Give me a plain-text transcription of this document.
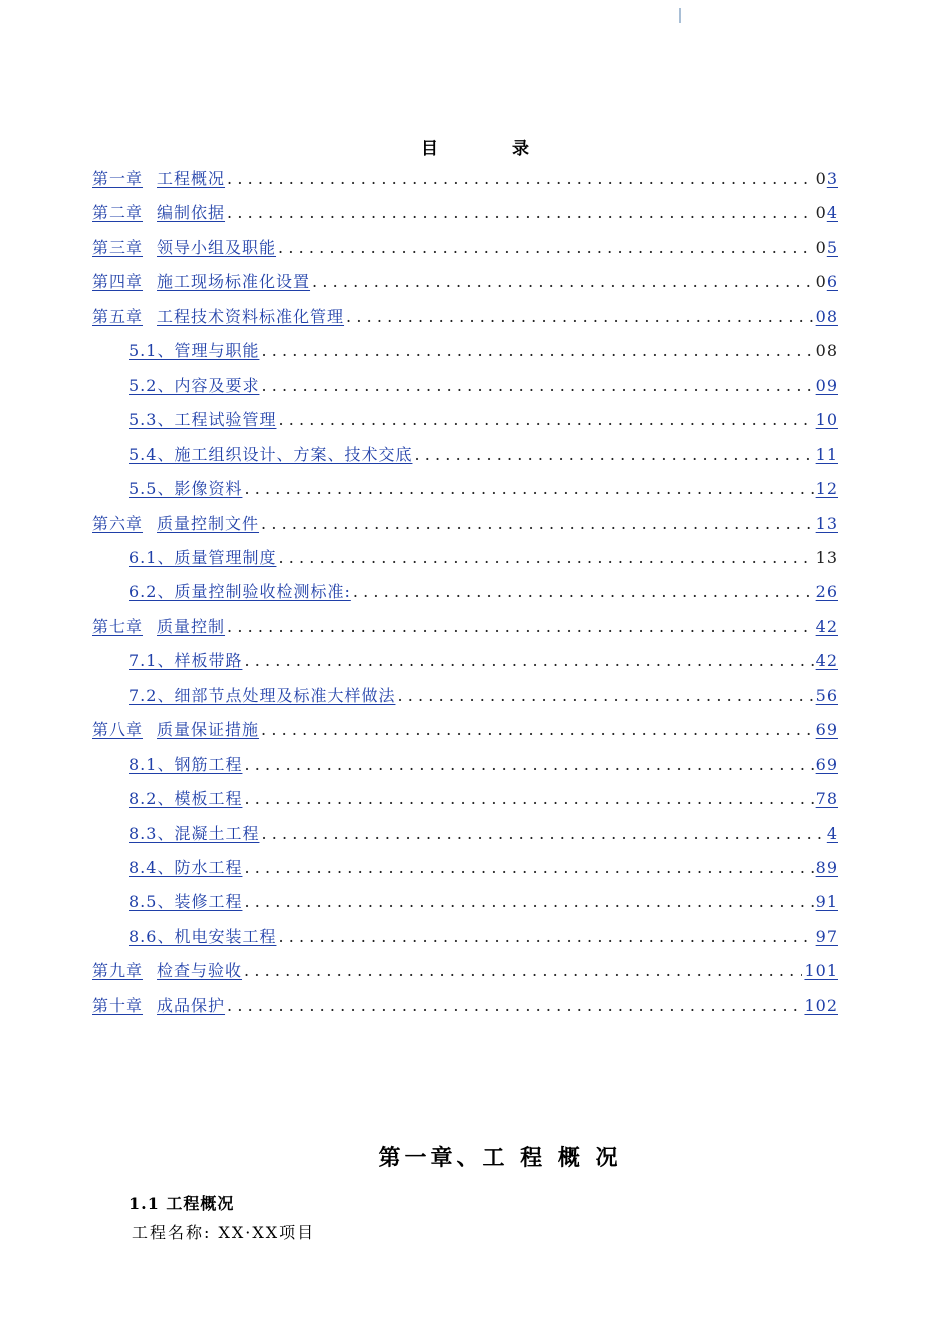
目 录
第一章 工程概况 .....	03
第二章 编制依据 .....	04
第三章 领导小组及职能 .....	05
第四章 施工现场标准化设置 .....	06
第五章 工程技术资料标准化管理 .....	08
5.1、管理与职能 .....	08
5.2、内容及要求 .....	09
5.3、工程试验管理 .....	10
5.4、施工组织设计、方案、技术交底 .....	11
5.5、影像资料 .....	12
第六章 质量控制文件 .....	13
6.1、质量管理制度 .....	13
6.2、质量控制验收检测标准: .....	26
第七章 质量控制 .....	42
7.1、样板带路 .....	42
7.2、细部节点处理及标准大样做法 .....	56
第八章 质量保证措施 .....	69
8.1、钢筋工程 .....	69
8.2、模板工程 .....	78
8.3、混凝土工程 .....	4
8.4、防水工程 .....	89
8.5、装修工程 .....	91
8.6、机电安装工程 .....	97
第九章 检查与验收 .....	101
第十章 成品保护 .....	102
第一章、工 程 概 况
1.1 工程概况
工程名称: XX·XX项目
